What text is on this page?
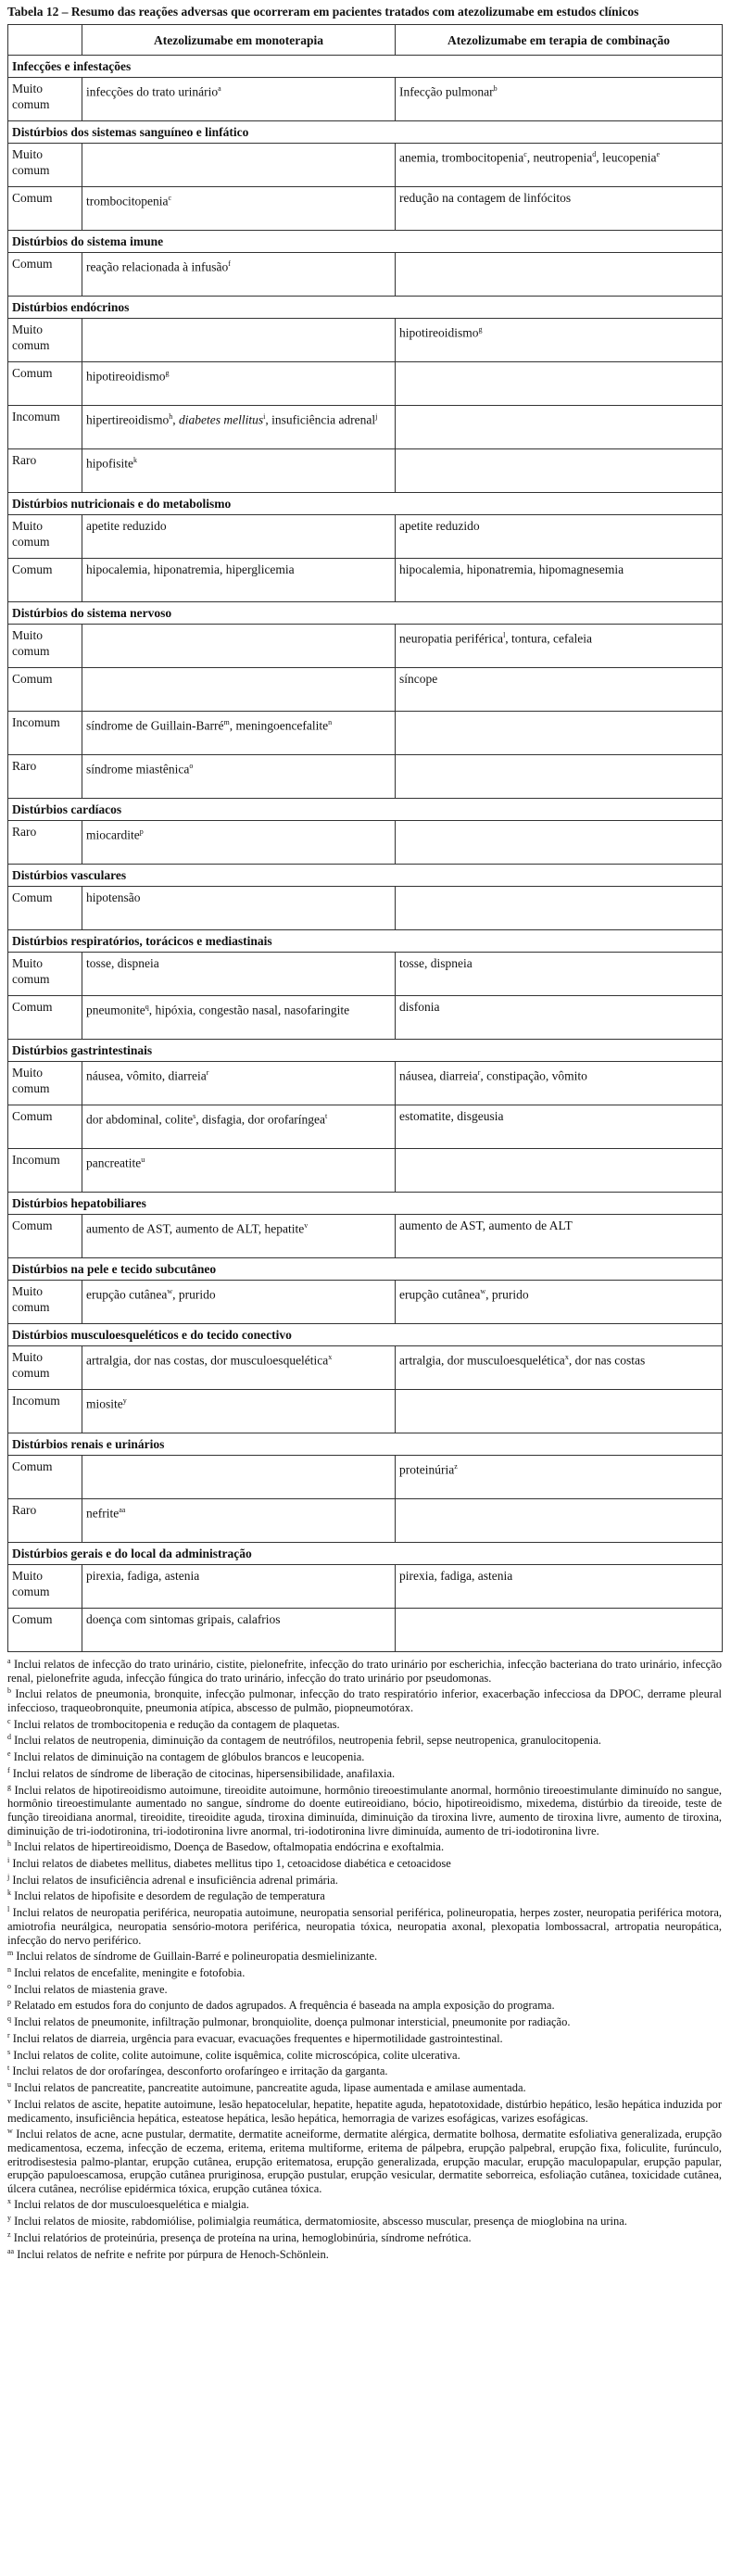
Tabela 12 – Resumo das reações adversas que ocorreram em pacientes tratados com atezolizumabe em estudos clínicos

	Atezolizumabe em monoterapia	Atezolizumabe em terapia de combinação
Infecções e infestações		
Muito comum	infecções do trato urinário$^a$	Infecção pulmonar$^b$
Distúrbios dos sistemas sanguíneo e linfático		
Muito comum		anemia, trombocitopenia$^c$, neutropenia$^d$, leucopenia$^e$
Comum	trombocitopenia$^c$	redução na contagem de linfócitos
Distúrbios do sistema imune		
Comum	reação relacionada à infusão$^f$	
Distúrbios endócrinos		
Muito comum		hipotireoidismo$^g$
Comum	hipotireoidismo$^g$	
Incomum	hipertireoidismo$^h$, diabetes mellitus$^i$, insuficiência adrenal$^j$	
Raro	hipofisite$^k$	
Distúrbios nutricionais e do metabolismo		
Muito comum	apetite reduzido	apetite reduzido
Comum	hipocalemia, hiponatremia, hiperglicemia	hipocalemia, hiponatremia, hipomagnesemia
Distúrbios do sistema nervoso		
Muito comum		neuropatia periférica$^l$, tontura, cefaleia
Comum		síncope
Incomum	síndrome de Guillain-Barré$^m$, meningoencefalite$^n$	
Raro	síndrome miastênica$^o$	
Distúrbios cardíacos		
Raro	miocardite$^p$	
Distúrbios vasculares		
Comum	hipotensão	
Distúrbios respiratórios, torácicos e mediastinais		
Muito comum	tosse, dispneia	tosse, dispneia
Comum	pneumonite$^q$, hipóxia, congestão nasal, nasofaringite	disfonia
Distúrbios gastrintestinais		
Muito comum	náusea, vômito, diarreia$^r$	náusea, diarreia$^r$, constipação, vômito
Comum	dor abdominal, colite$^s$, disfagia, dor orofaríngea$^t$	estomatite, disgeusia
Incomum	pancreatite$^u$	
Distúrbios hepatobiliares		
Comum	aumento de AST, aumento de ALT, hepatite$^v$	aumento de AST, aumento de ALT
Distúrbios na pele e tecido subcutâneo		
Muito comum	erupção cutânea$^w$, prurido	erupção cutânea$^w$, prurido
Distúrbios musculoesqueléticos e do tecido conectivo		
Muito comum	artralgia, dor nas costas, dor musculoesquelética$^x$	artralgia, dor musculoesquelética$^x$, dor nas costas
Incomum	miosite$^y$	
Distúrbios renais e urinários		
Comum		proteinúria$^z$
Raro	nefrite$^{aa}$	
Distúrbios gerais e do local da administração		
Muito comum	pirexia, fadiga, astenia	pirexia, fadiga, astenia
Comum	doença com sintomas gripais, calafrios	

$^a$ Inclui relatos de infecção do trato urinário, cistite, pielonefrite, infecção do trato urinário por escherichia, infecção bacteriana do trato urinário, infecção renal, pielonefrite aguda, infecção fúngica do trato urinário, infecção do trato urinário por pseudomonas.

$^b$ Inclui relatos de pneumonia, bronquite, infecção pulmonar, infecção do trato respiratório inferior, exacerbação infecciosa da DPOC, derrame pleural infeccioso, traqueobronquite, pneumonia atípica, abscesso de pulmão, piopneumotórax.

$^c$ Inclui relatos de trombocitopenia e redução da contagem de plaquetas.

$^d$ Inclui relatos de neutropenia, diminuição da contagem de neutrófilos, neutropenia febril, sepse neutropenica, granulocitopenia.

$^e$ Inclui relatos de diminuição na contagem de glóbulos brancos e leucopenia.

$^f$ Inclui relatos de síndrome de liberação de citocinas, hipersensibilidade, anafilaxia.

$^g$ Inclui relatos de hipotireoidismo autoimune, tireoidite autoimune, hormônio tireoestimulante anormal, hormônio tireoestimulante diminuído no sangue, hormônio tireoestimulante aumentado no sangue, síndrome do doente eutireoidiano, bócio, hipotireoidismo, mixedema, distúrbio da tireoide, teste de função tireoidiana anormal, tireoidite, tireoidite aguda, tiroxina diminuída, diminuição da tiroxina livre, aumento de tiroxina livre, aumento de tiroxina, diminuição de tri-iodotironina, tri-iodotironina livre anormal, tri-iodotironina livre diminuída, aumento de tri-iodotironina livre.

$^h$ Inclui relatos de hipertireoidismo, Doença de Basedow, oftalmopatia endócrina e exoftalmia.

$^i$ Inclui relatos de diabetes mellitus, diabetes mellitus tipo 1, cetoacidose diabética e cetoacidose

$^j$ Inclui relatos de insuficiência adrenal e insuficiência adrenal primária.

$^k$ Inclui relatos de hipofisite e desordem de regulação de temperatura

$^l$ Inclui relatos de neuropatia periférica, neuropatia autoimune, neuropatia sensorial periférica, polineuropatia, herpes zoster, neuropatia periférica motora, amiotrofia neurálgica, neuropatia sensório-motora periférica, neuropatia tóxica, neuropatia axonal, plexopatia lombossacral, artropatia neuropática, infecção do nervo periférico.

$^m$ Inclui relatos de síndrome de Guillain-Barré e polineuropatia desmielinizante.

$^n$ Inclui relatos de encefalite, meningite e fotofobia.

$^o$ Inclui relatos de miastenia grave.

$^p$ Relatado em estudos fora do conjunto de dados agrupados. A frequência é baseada na ampla exposição do programa.

$^q$ Inclui relatos de pneumonite, infiltração pulmonar, bronquiolite, doença pulmonar intersticial, pneumonite por radiação.

$^r$ Inclui relatos de diarreia, urgência para evacuar, evacuações frequentes e hipermotilidade gastrointestinal.

$^s$ Inclui relatos de colite, colite autoimune, colite isquêmica, colite microscópica, colite ulcerativa.

$^t$ Inclui relatos de dor orofaríngea, desconforto orofaríngeo e irritação da garganta.

$^u$ Inclui relatos de pancreatite, pancreatite autoimune, pancreatite aguda, lipase aumentada e amilase aumentada.

$^v$ Inclui relatos de ascite, hepatite autoimune, lesão hepatocelular, hepatite, hepatite aguda, hepatotoxidade, distúrbio hepático, lesão hepática induzida por medicamento, insuficiência hepática, esteatose hepática, lesão hepática, hemorragia de varizes esofágicas, varizes esofágicas.

$^w$ Inclui relatos de acne, acne pustular, dermatite, dermatite acneiforme, dermatite alérgica, dermatite bolhosa, dermatite esfoliativa generalizada, erupção medicamentosa, eczema, infecção de eczema, eritema, eritema multiforme, eritema de pálpebra, erupção palpebral, erupção fixa, foliculite, furúnculo, eritrodisestesia palmo-plantar, erupção cutânea, erupção eritematosa, erupção generalizada, erupção macular, erupção maculopapular, erupção papular, erupção papuloescamosa, erupção cutânea pruriginosa, erupção pustular, erupção vesicular, dermatite seborreica, esfoliação cutânea, toxicidade cutânea, úlcera cutânea, necrólise epidérmica tóxica, erupção cutânea tóxica.

$^x$ Inclui relatos de dor musculoesquelética e mialgia.

$^y$ Inclui relatos de miosite, rabdomiólise, polimialgia reumática, dermatomiosite, abscesso muscular, presença de mioglobina na urina.

$^z$ Inclui relatórios de proteinúria, presença de proteína na urina, hemoglobinúria, síndrome nefrótica.

$^{aa}$ Inclui relatos de nefrite e nefrite por púrpura de Henoch-Schönlein.
